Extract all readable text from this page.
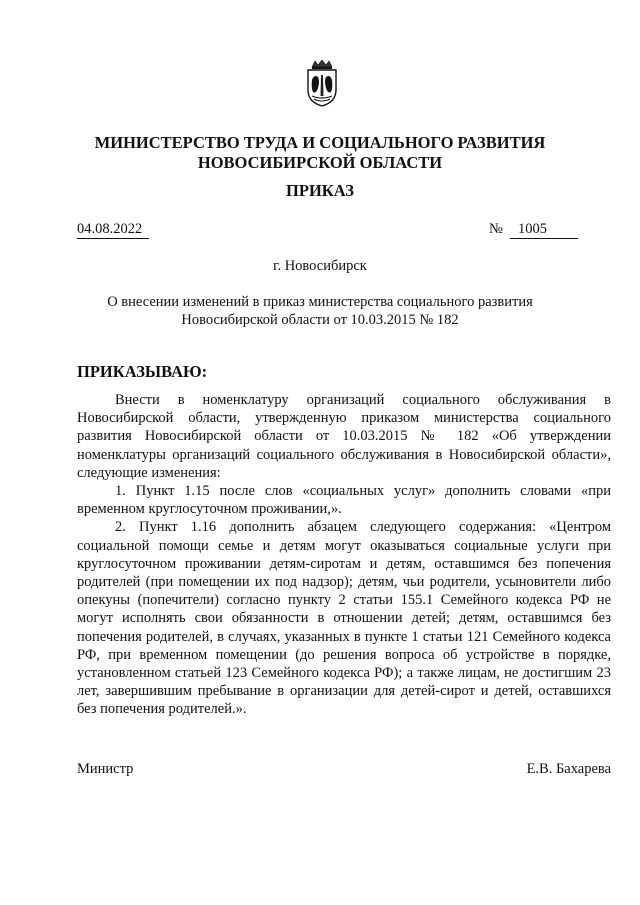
МИНИСТЕРСТВО ТРУДА И СОЦИАЛЬНОГО РАЗВИТИЯ
НОВОСИБИРСКОЙ ОБЛАСТИ
ПРИКАЗ
04.08.2022	№	1005
г. Новосибирск
О внесении изменений в приказ министерства социального развития
Новосибирской области от 10.03.2015 № 182
ПРИКАЗЫВАЮ:

Внести в номенклатуру организаций социального обслуживания в Новосибирской области, утвержденную приказом министерства социального развития Новосибирской области от 10.03.2015 № 182 «Об утверждении номенклатуры организаций социального обслуживания в Новосибирской области», следующие изменения:

1. Пункт 1.15 после слов «социальных услуг» дополнить словами «при временном круглосуточном проживании,».

2. Пункт 1.16 дополнить абзацем следующего содержания: «Центром социальной помощи семье и детям могут оказываться социальные услуги при круглосуточном проживании детям-сиротам и детям, оставшимся без попечения родителей (при помещении их под надзор); детям, чьи родители, усыновители либо опекуны (попечители) согласно пункту 2 статьи 155.1 Семейного кодекса РФ не могут исполнять свои обязанности в отношении детей; детям, оставшимся без попечения родителей, в случаях, указанных в пункте 1 статьи 121 Семейного кодекса РФ, при временном помещении (до решения вопроса об устройстве в порядке, установленном статьей 123 Семейного кодекса РФ); а также лицам, не достигшим 23 лет, завершившим пребывание в организации для детей-сирот и детей, оставшихся без попечения родителей.».

Министр	Е.В. Бахарева
